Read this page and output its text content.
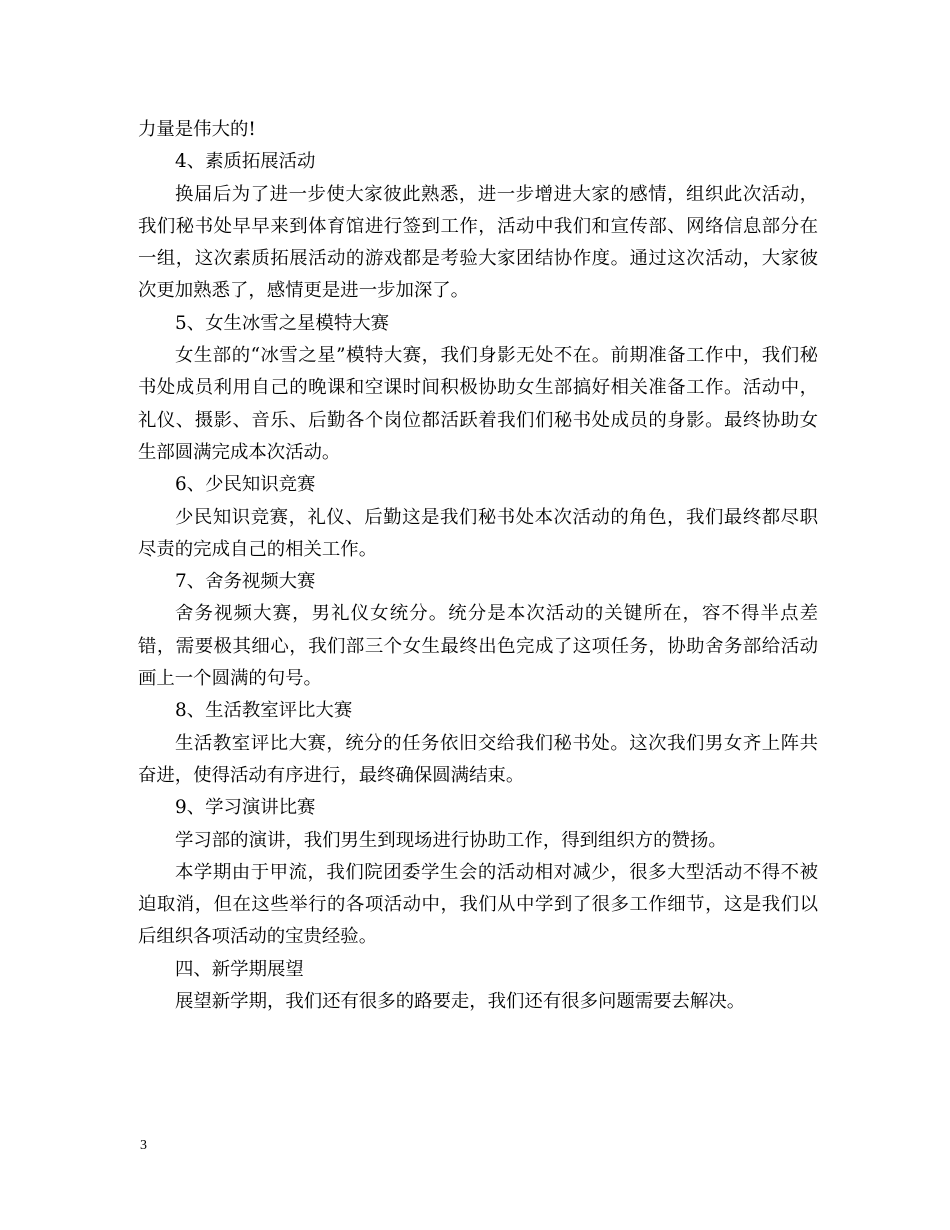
力量是伟大的!

4、素质拓展活动

换届后为了进一步使大家彼此熟悉，进一步增进大家的感情，组织此次活动，我们秘书处早早来到体育馆进行签到工作，活动中我们和宣传部、网络信息部分在一组，这次素质拓展活动的游戏都是考验大家团结协作度。通过这次活动，大家彼次更加熟悉了，感情更是进一步加深了。

5、女生冰雪之星模特大赛

女生部的“冰雪之星”模特大赛，我们身影无处不在。前期准备工作中，我们秘书处成员利用自己的晚课和空课时间积极协助女生部搞好相关准备工作。活动中，礼仪、摄影、音乐、后勤各个岗位都活跃着我们们秘书处成员的身影。最终协助女生部圆满完成本次活动。

6、少民知识竞赛

少民知识竞赛，礼仪、后勤这是我们秘书处本次活动的角色，我们最终都尽职尽责的完成自己的相关工作。

7、舍务视频大赛

舍务视频大赛，男礼仪女统分。统分是本次活动的关键所在，容不得半点差错，需要极其细心，我们部三个女生最终出色完成了这项任务，协助舍务部给活动画上一个圆满的句号。

8、生活教室评比大赛

生活教室评比大赛，统分的任务依旧交给我们秘书处。这次我们男女齐上阵共奋进，使得活动有序进行，最终确保圆满结束。

9、学习演讲比赛

学习部的演讲，我们男生到现场进行协助工作，得到组织方的赞扬。

本学期由于甲流，我们院团委学生会的活动相对减少，很多大型活动不得不被迫取消，但在这些举行的各项活动中，我们从中学到了很多工作细节，这是我们以后组织各项活动的宝贵经验。

四、新学期展望

展望新学期，我们还有很多的路要走，我们还有很多问题需要去解决。

3
